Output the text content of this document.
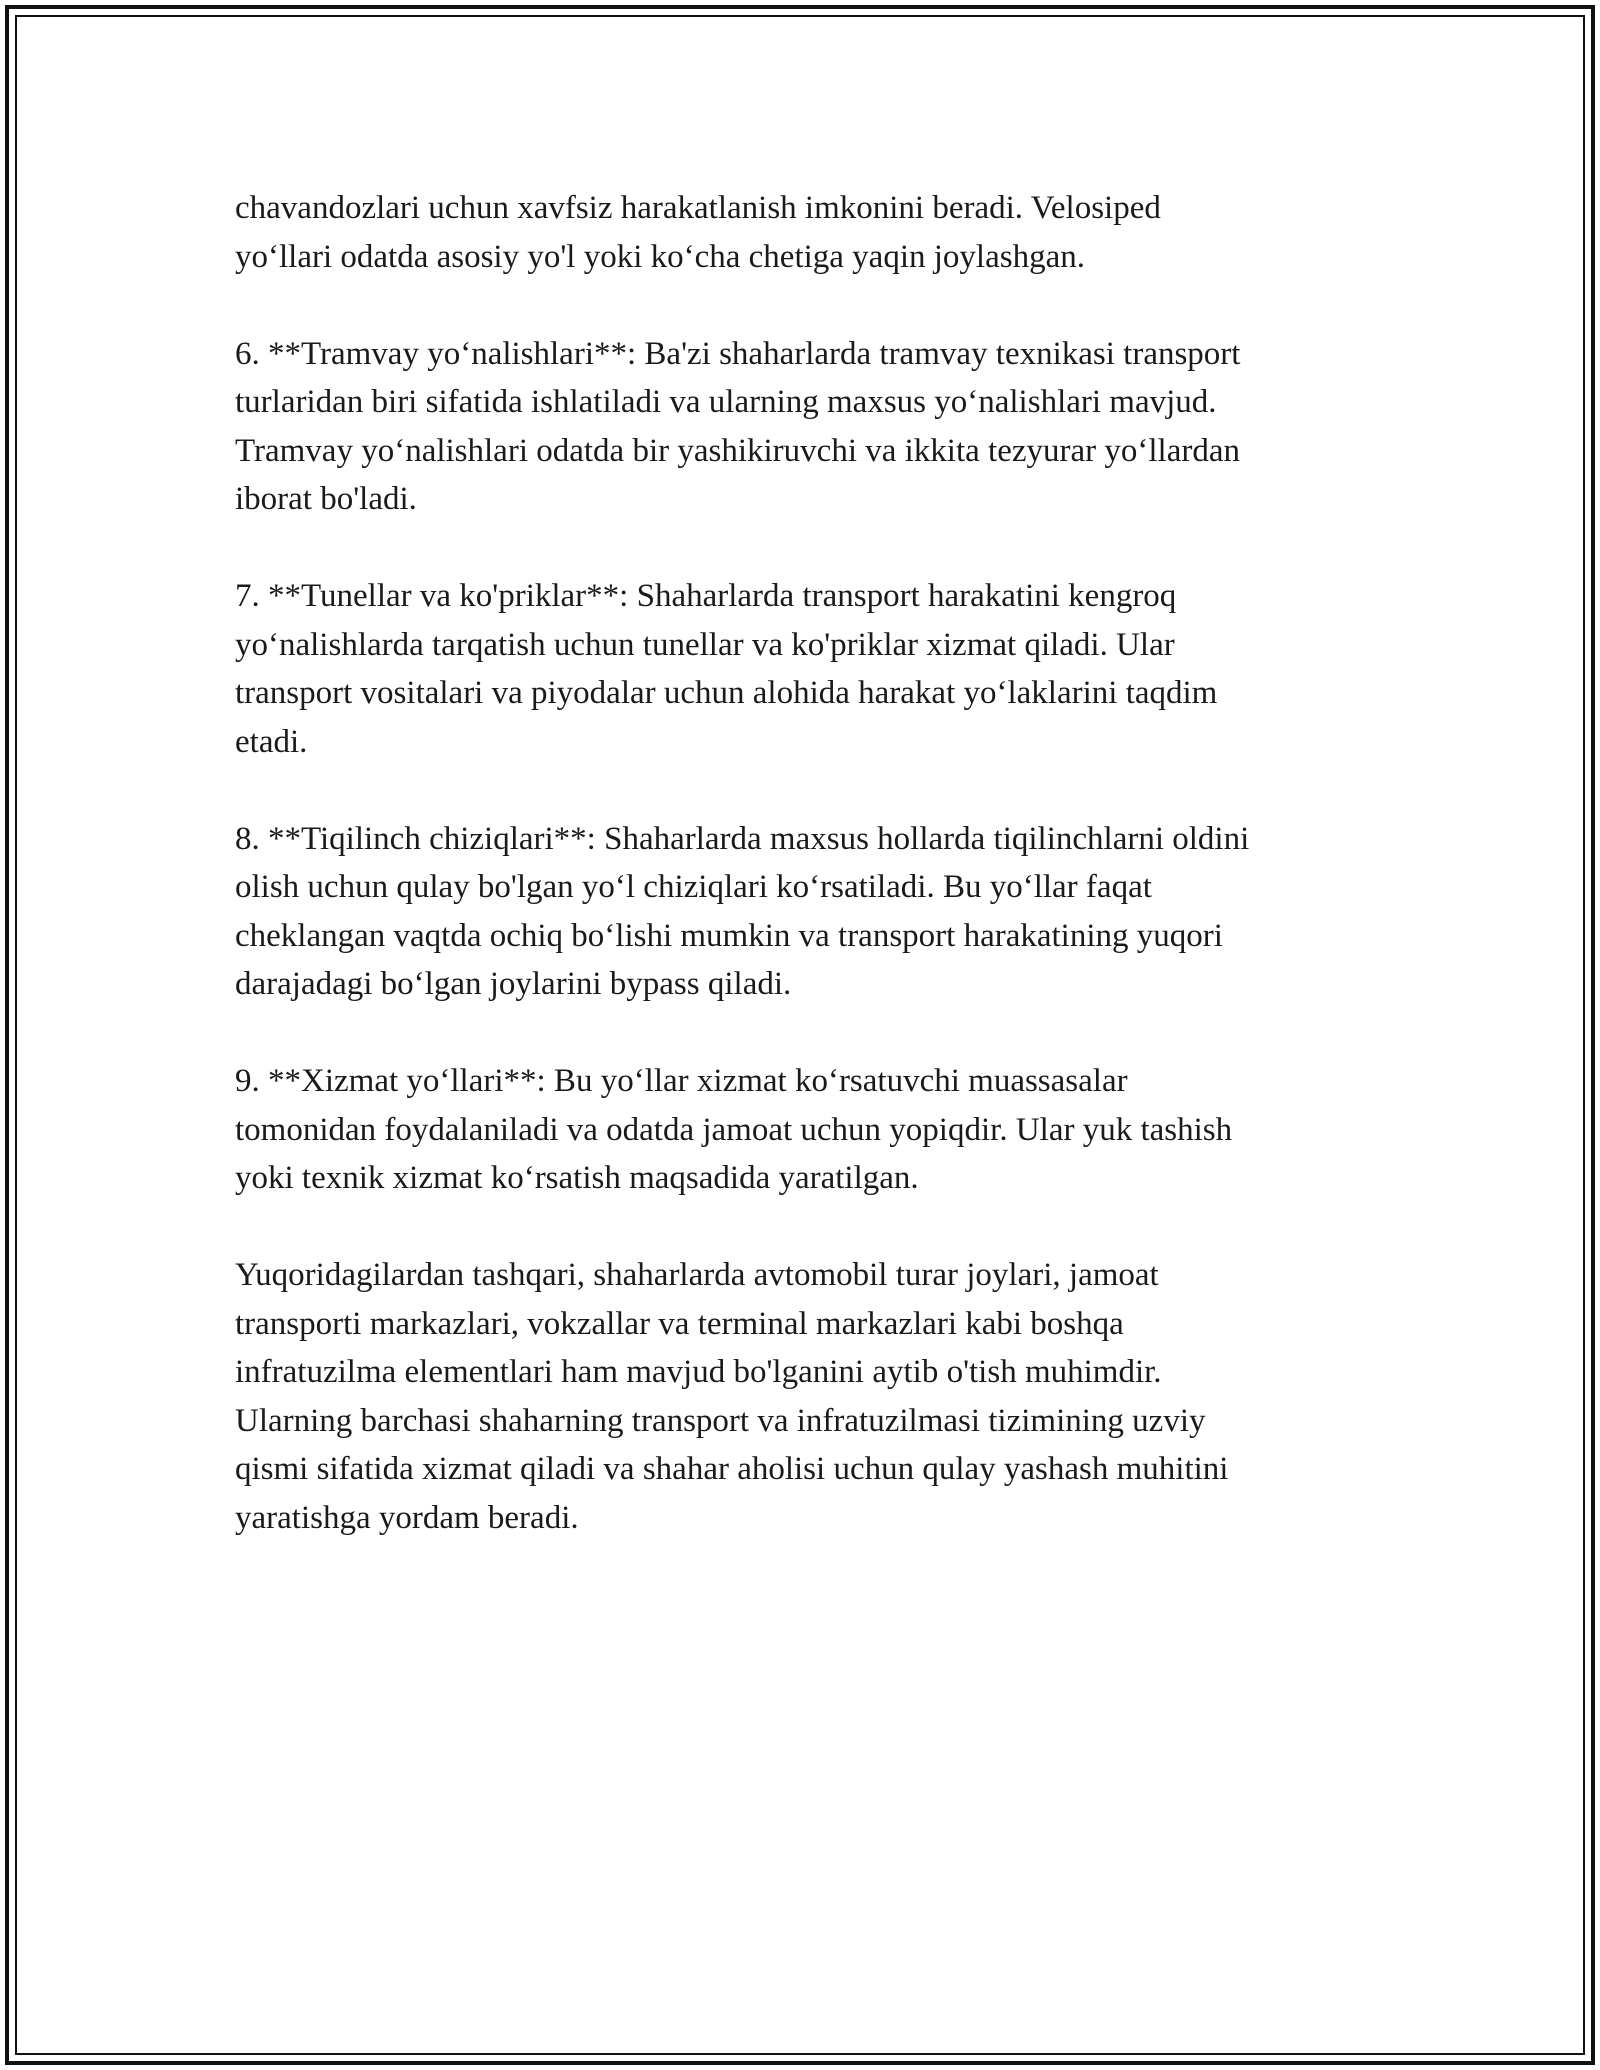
chavandozlari uchun xavfsiz harakatlanish imkonini beradi. Velosiped
yo‘llari odatda asosiy yo'l yoki ko‘cha chetiga yaqin joylashgan.

6. **Tramvay yo‘nalishlari**: Ba'zi shaharlarda tramvay texnikasi transport
turlaridan biri sifatida ishlatiladi va ularning maxsus yo‘nalishlari mavjud.
Tramvay yo‘nalishlari odatda bir yashikiruvchi va ikkita tezyurar yo‘llardan
iborat bo'ladi.

7. **Tunellar va ko'priklar**: Shaharlarda transport harakatini kengroq
yo‘nalishlarda tarqatish uchun tunellar va ko'priklar xizmat qiladi. Ular
transport vositalari va piyodalar uchun alohida harakat yo‘laklarini taqdim
etadi.

8. **Tiqilinch chiziqlari**: Shaharlarda maxsus hollarda tiqilinchlarni oldini
olish uchun qulay bo'lgan yo‘l chiziqlari ko‘rsatiladi. Bu yo‘llar faqat
cheklangan vaqtda ochiq bo‘lishi mumkin va transport harakatining yuqori
darajadagi bo‘lgan joylarini bypass qiladi.

9. **Xizmat yo‘llari**: Bu yo‘llar xizmat ko‘rsatuvchi muassasalar
tomonidan foydalaniladi va odatda jamoat uchun yopiqdir. Ular yuk tashish
yoki texnik xizmat ko‘rsatish maqsadida yaratilgan.

Yuqoridagilardan tashqari, shaharlarda avtomobil turar joylari, jamoat
transporti markazlari, vokzallar va terminal markazlari kabi boshqa
infratuzilma elementlari ham mavjud bo'lganini aytib o'tish muhimdir.
Ularning barchasi shaharning transport va infratuzilmasi tizimining uzviy
qismi sifatida xizmat qiladi va shahar aholisi uchun qulay yashash muhitini
yaratishga yordam beradi.
